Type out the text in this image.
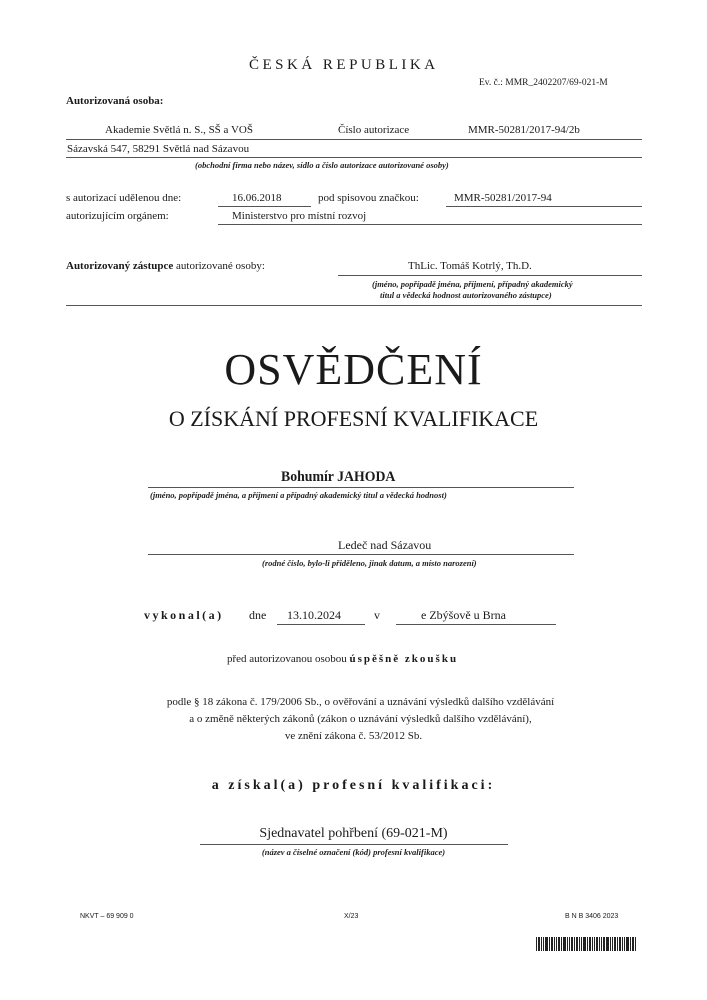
ČESKÁ REPUBLIKA
Ev. č.: MMR_2402207/69-021-M
Autorizovaná osoba:
Akademie Světlá n. S., SŠ a VOŠ	Číslo autorizace	MMR-50281/2017-94/2b
Sázavská 547, 58291 Světlá nad Sázavou
(obchodní firma nebo název, sídlo a číslo autorizace autorizované osoby)
s autorizací udělenou dne:	16.06.2018	pod spisovou značkou:	MMR-50281/2017-94
autorizujícím orgánem:	Ministerstvo pro místní rozvoj
Autorizovaný zástupce autorizované osoby:	ThLic. Tomáš Kotrlý, Th.D.
(jméno, popřípadě jména, příjmení, případný akademický
titul a vědecká hodnost autorizovaného zástupce)
OSVĚDČENÍ
O ZÍSKÁNÍ PROFESNÍ KVALIFIKACE
Bohumír JAHODA
(jméno, popřípadě jména, a příjmení a případný akademický titul a vědecká hodnost)
Ledeč nad Sázavou
(rodné číslo, bylo-li přiděleno, jinak datum, a místo narození)
vykonal(a) dne 13.10.2024	v	e Zbýšově u Brna
před autorizovanou osobou úspěšně zkoušku
podle § 18 zákona č. 179/2006 Sb., o ověřování a uznávání výsledků dalšího vzdělávání
a o změně některých zákonů (zákon o uznávání výsledků dalšího vzdělávání),
ve znění zákona č. 53/2012 Sb.
a získal(a) profesní kvalifikaci:
Sjednavatel pohřbení (69-021-M)
(název a číselné označení (kód) profesní kvalifikace)
NKVT – 69 909 0	X/23	B N B 3406 2023
